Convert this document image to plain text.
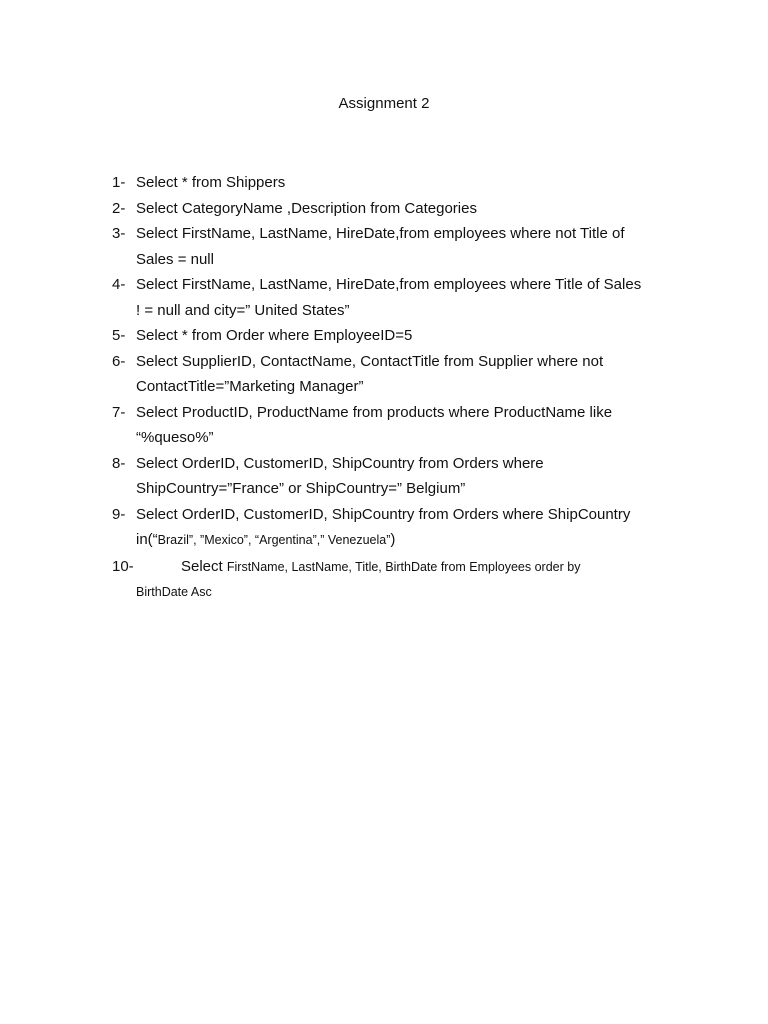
Assignment 2
1- Select * from Shippers
2- Select CategoryName ,Description from Categories
3- Select FirstName, LastName, HireDate,from employees where not Title of
Sales = null
4- Select FirstName, LastName, HireDate,from employees where Title of Sales
! = null and city=” United States”
5- Select * from Order where EmployeeID=5
6- Select SupplierID, ContactName, ContactTitle from Supplier where not
ContactTitle=”Marketing Manager”
7- Select ProductID, ProductName from products where ProductName like
“%queso%”
8- Select OrderID, CustomerID, ShipCountry from Orders where
ShipCountry=”France” or ShipCountry=” Belgium”
9- Select OrderID, CustomerID, ShipCountry from Orders where ShipCountry
in(“Brazil”, ”Mexico”, “Argentina”,” Venezuela”)
10-	Select FirstName, LastName, Title, BirthDate from Employees order by
BirthDate Asc
